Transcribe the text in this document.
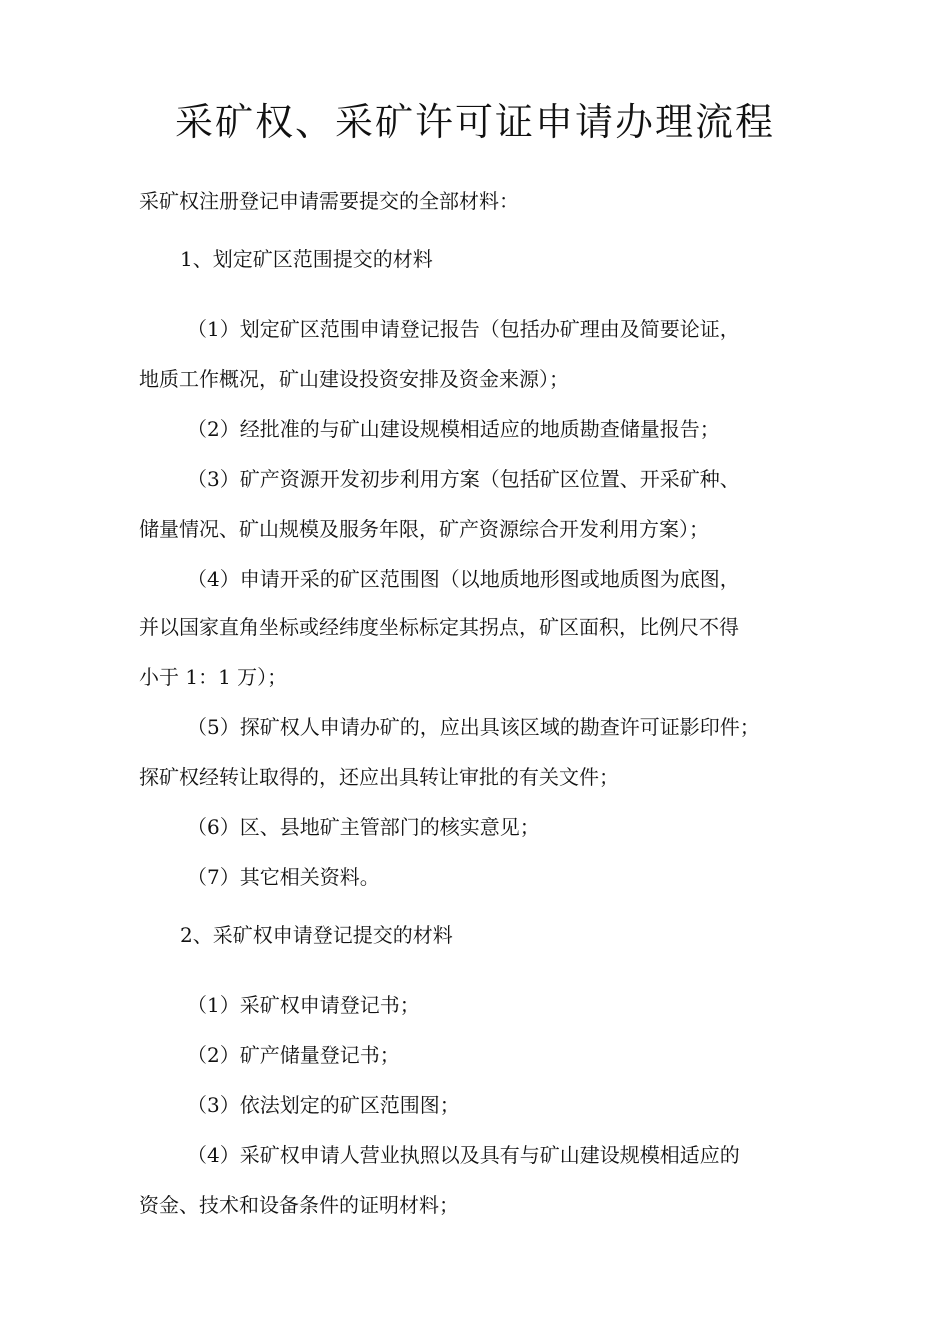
采矿权、采矿许可证申请办理流程
采矿权注册登记申请需要提交的全部材料：
1、划定矿区范围提交的材料
（1）划定矿区范围申请登记报告（包括办矿理由及简要论证，
地质工作概况，矿山建设投资安排及资金来源）；
（2）经批准的与矿山建设规模相适应的地质勘查储量报告；
（3）矿产资源开发初步利用方案（包括矿区位置、开采矿种、
储量情况、矿山规模及服务年限，矿产资源综合开发利用方案）；
（4）申请开采的矿区范围图（以地质地形图或地质图为底图，
并以国家直角坐标或经纬度坐标标定其拐点，矿区面积，比例尺不得
小于 1：1 万）；
（5）探矿权人申请办矿的，应出具该区域的勘查许可证影印件；
探矿权经转让取得的，还应出具转让审批的有关文件；
（6）区、县地矿主管部门的核实意见；
（7）其它相关资料。
2、采矿权申请登记提交的材料
（1）采矿权申请登记书；
（2）矿产储量登记书；
（3）依法划定的矿区范围图；
（4）采矿权申请人营业执照以及具有与矿山建设规模相适应的
资金、技术和设备条件的证明材料；
